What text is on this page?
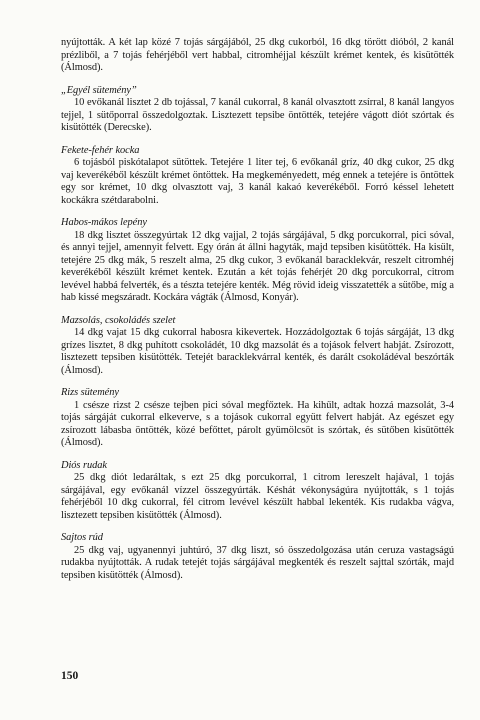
nyújtották. A két lap közé 7 tojás sárgájából, 25 dkg cukorból, 16 dkg törött dióból, 2 kanál prézliből, a 7 tojás fehérjéből vert habbal, citromhéjjal készült krémet kentek, és kisütötték (Álmosd).

„Egyél sütemény”

10 evőkanál lisztet 2 db tojással, 7 kanál cukorral, 8 kanál olvasztott zsírral, 8 kanál langyos tejjel, 1 sütőporral összedolgoztak. Lisztezett tepsibe öntötték, tetejére vágott diót szórtak és kisütötték (Derecske).

Fekete-fehér kocka

6 tojásból piskótalapot sütöttek. Tetejére 1 liter tej, 6 evőkanál gríz, 40 dkg cukor, 25 dkg vaj keverékéből készült krémet öntöttek. Ha megkeményedett, még ennek a tetejére is öntöttek egy sor krémet, 10 dkg olvasztott vaj, 3 kanál kakaó keverékéből. Forró késsel lehetett kockákra szétdarabolni.

Habos-mákos lepény

18 dkg lisztet összegyúrtak 12 dkg vajjal, 2 tojás sárgájával, 5 dkg porcukorral, pici sóval, és annyi tejjel, amennyit felvett. Egy órán át állni hagyták, majd tepsiben kisütötték. Ha kisült, tetejére 25 dkg mák, 5 reszelt alma, 25 dkg cukor, 3 evőkanál baracklekvár, reszelt citromhéj keverékéből készült krémet kentek. Ezután a két tojás fehérjét 20 dkg porcukorral, citrom levével habbá felverték, és a tészta tetejére kenték. Még rövid ideig visszatették a sütőbe, míg a hab kissé megszáradt. Kockára vágták (Álmosd, Konyár).

Mazsolás, csokoládés szelet

14 dkg vajat 15 dkg cukorral habosra kikevertek. Hozzádolgoztak 6 tojás sárgáját, 13 dkg grízes lisztet, 8 dkg puhított csokoládét, 10 dkg mazsolát és a tojások felvert habját. Zsírozott, lisztezett tepsiben kisütötték. Tetejét baracklekvárral kenték, és darált csokoládéval beszórták (Álmosd).

Rizs sütemény

1 csésze rizst 2 csésze tejben pici sóval megfőztek. Ha kihűlt, adtak hozzá mazsolát, 3-4 tojás sárgáját cukorral elkeverve, s a tojások cukorral együtt felvert habját. Az egészet egy zsírozott lábasba öntötték, közé befőttet, párolt gyümölcsöt is szórtak, és sütőben kisütötték (Álmosd).

Diós rudak

25 dkg diót ledaráltak, s ezt 25 dkg porcukorral, 1 citrom lereszelt hajával, 1 tojás sárgájával, egy evőkanál vízzel összegyúrták. Késhát vékonyságúra nyújtották, s 1 tojás fehérjéből 10 dkg cukorral, fél citrom levével készült habbal lekenték. Kis rudakba vágva, lisztezett tepsiben kisütötték (Álmosd).

Sajtos rúd

25 dkg vaj, ugyanennyi juhtúró, 37 dkg liszt, só összedolgozása után ceruza vastagságú rudakba nyújtották. A rudak tetejét tojás sárgájával megkenték és reszelt sajttal szórták, majd tepsiben kisütötték (Álmosd).

150
